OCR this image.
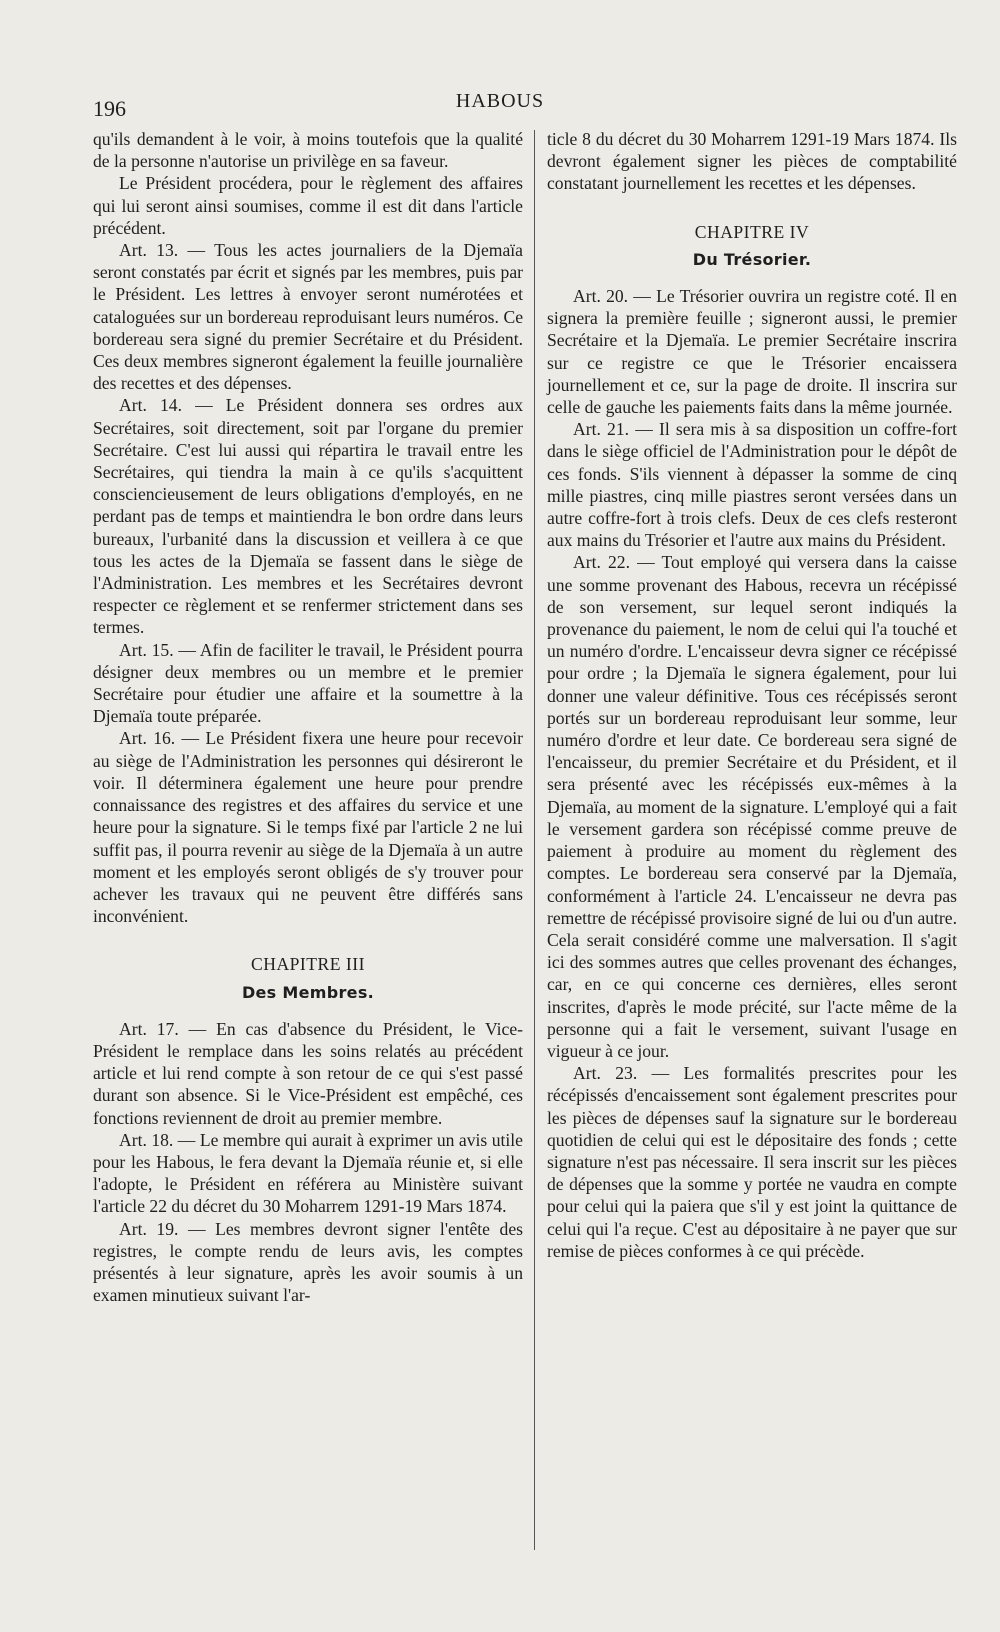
196	HABOUS

qu'ils demandent à le voir, à moins toutefois que la qualité de la personne n'autorise un privilège en sa faveur.

Le Président procédera, pour le règlement des affaires qui lui seront ainsi soumises, comme il est dit dans l'article précédent.

Art. 13. — Tous les actes journaliers de la Djemaïa seront constatés par écrit et signés par les membres, puis par le Président. Les lettres à envoyer seront numérotées et cataloguées sur un bordereau reproduisant leurs numéros. Ce bordereau sera signé du premier Secrétaire et du Président. Ces deux membres signeront également la feuille journalière des recettes et des dépenses.

Art. 14. — Le Président donnera ses ordres aux Secrétaires, soit directement, soit par l'organe du premier Secrétaire. C'est lui aussi qui répartira le travail entre les Secrétaires, qui tiendra la main à ce qu'ils s'acquittent consciencieusement de leurs obligations d'employés, en ne perdant pas de temps et maintiendra le bon ordre dans leurs bureaux, l'urbanité dans la discussion et veillera à ce que tous les actes de la Djemaïa se fassent dans le siège de l'Administration. Les membres et les Secrétaires devront respecter ce règlement et se renfermer strictement dans ses termes.

Art. 15. — Afin de faciliter le travail, le Président pourra désigner deux membres ou un membre et le premier Secrétaire pour étudier une affaire et la soumettre à la Djemaïa toute préparée.

Art. 16. — Le Président fixera une heure pour recevoir au siège de l'Administration les personnes qui désireront le voir. Il déterminera également une heure pour prendre connaissance des registres et des affaires du service et une heure pour la signature. Si le temps fixé par l'article 2 ne lui suffit pas, il pourra revenir au siège de la Djemaïa à un autre moment et les employés seront obligés de s'y trouver pour achever les travaux qui ne peuvent être différés sans inconvénient.

CHAPITRE III
Des Membres.

Art. 17. — En cas d'absence du Président, le Vice-Président le remplace dans les soins relatés au précédent article et lui rend compte à son retour de ce qui s'est passé durant son absence. Si le Vice-Président est empêché, ces fonctions reviennent de droit au premier membre.

Art. 18. — Le membre qui aurait à exprimer un avis utile pour les Habous, le fera devant la Djemaïa réunie et, si elle l'adopte, le Président en référera au Ministère suivant l'article 22 du décret du 30 Moharrem 1291-19 Mars 1874.

Art. 19. — Les membres devront signer l'entête des registres, le compte rendu de leurs avis, les comptes présentés à leur signature, après les avoir soumis à un examen minutieux suivant l'ar-

ticle 8 du décret du 30 Moharrem 1291-19 Mars 1874. Ils devront également signer les pièces de comptabilité constatant journellement les recettes et les dépenses.

CHAPITRE IV
Du Trésorier.

Art. 20. — Le Trésorier ouvrira un registre coté. Il en signera la première feuille ; signeront aussi, le premier Secrétaire et la Djemaïa. Le premier Secrétaire inscrira sur ce registre ce que le Trésorier encaissera journellement et ce, sur la page de droite. Il inscrira sur celle de gauche les paiements faits dans la même journée.

Art. 21. — Il sera mis à sa disposition un coffre-fort dans le siège officiel de l'Administration pour le dépôt de ces fonds. S'ils viennent à dépasser la somme de cinq mille piastres, cinq mille piastres seront versées dans un autre coffre-fort à trois clefs. Deux de ces clefs resteront aux mains du Trésorier et l'autre aux mains du Président.

Art. 22. — Tout employé qui versera dans la caisse une somme provenant des Habous, recevra un récépissé de son versement, sur lequel seront indiqués la provenance du paiement, le nom de celui qui l'a touché et un numéro d'ordre. L'encaisseur devra signer ce récépissé pour ordre ; la Djemaïa le signera également, pour lui donner une valeur définitive. Tous ces récépissés seront portés sur un bordereau reproduisant leur somme, leur numéro d'ordre et leur date. Ce bordereau sera signé de l'encaisseur, du premier Secrétaire et du Président, et il sera présenté avec les récépissés eux-mêmes à la Djemaïa, au moment de la signature. L'employé qui a fait le versement gardera son récépissé comme preuve de paiement à produire au moment du règlement des comptes. Le bordereau sera conservé par la Djemaïa, conformément à l'article 24. L'encaisseur ne devra pas remettre de récépissé provisoire signé de lui ou d'un autre. Cela serait considéré comme une malversation. Il s'agit ici des sommes autres que celles provenant des échanges, car, en ce qui concerne ces dernières, elles seront inscrites, d'après le mode précité, sur l'acte même de la personne qui a fait le versement, suivant l'usage en vigueur à ce jour.

Art. 23. — Les formalités prescrites pour les récépissés d'encaissement sont également prescrites pour les pièces de dépenses sauf la signature sur le bordereau quotidien de celui qui est le dépositaire des fonds ; cette signature n'est pas nécessaire. Il sera inscrit sur les pièces de dépenses que la somme y portée ne vaudra en compte pour celui qui la paiera que s'il y est joint la quittance de celui qui l'a reçue. C'est au dépositaire à ne payer que sur remise de pièces conformes à ce qui précède.
